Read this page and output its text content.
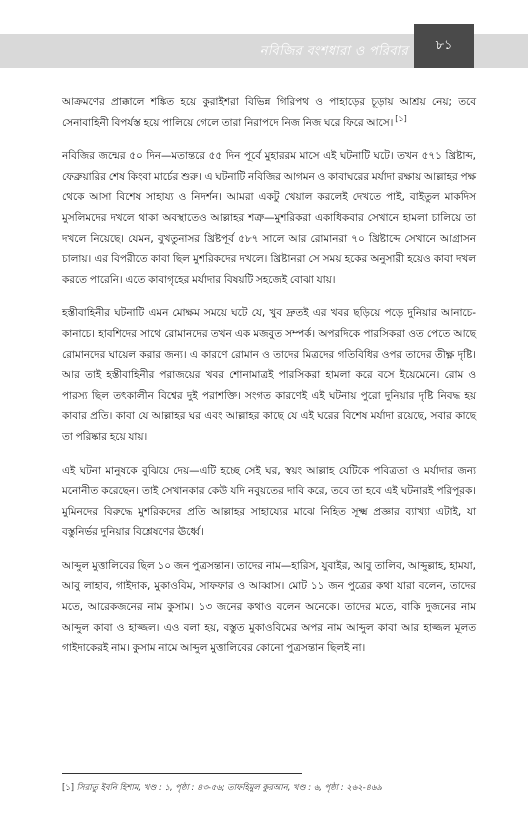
নবিজির বংশধারা ও পরিবার	৮১

আক্রমণের প্রাক্কালে শঙ্কিত হয়ে কুরাইশরা বিভিন্ন গিরিপথ ও পাহাড়ের চূড়ায় আশ্রয় নেয়; তবে সেনাবাহিনী বিপর্যস্ত হয়ে পালিয়ে গেলে তারা নিরাপদে নিজ নিজ ঘরে ফিরে আসে। [১]

নবিজির জন্মের ৫০ দিন—মতান্তরে ৫৫ দিন পূর্বে মুহাররম মাসে এই ঘটনাটি ঘটে। তখন ৫৭১ খ্রিষ্টাব্দ, ফেব্রুয়ারির শেষ কিংবা মার্চের শুরু। এ ঘটনাটি নবিজির আগমন ও কাবাঘরের মর্যাদা রক্ষায় আল্লাহর পক্ষ থেকে আসা বিশেষ সাহায্য ও নিদর্শন। আমরা একটু খেয়াল করলেই দেখতে পাই, বাইতুল মাকদিস মুসলিমদের দখলে থাকা অবস্থাতেও আল্লাহর শত্রু—মুশরিকরা একাধিকবার সেখানে হামলা চালিয়ে তা দখলে নিয়েছে। যেমন, বুখতুনাসর খ্রিষ্টপূর্ব ৫৮৭ সালে আর রোমানরা ৭০ খ্রিষ্টাব্দে সেখানে আগ্রাসন চালায়। এর বিপরীতে কাবা ছিল মুশরিকদের দখলে। খ্রিষ্টানরা সে সময় হকের অনুসারী হয়েও কাবা দখল করতে পারেনি। এতে কাবাগৃহের মর্যাদার বিষয়টি সহজেই বোঝা যায়।

হস্তীবাহিনীর ঘটনাটি এমন মোক্ষম সময়ে ঘটে যে, খুব দ্রুতই এর খবর ছড়িয়ে পড়ে দুনিয়ার আনাচে-কানাচে। হাবশিদের সাথে রোমানদের তখন এক মজবুত সম্পর্ক। অপরদিকে পারসিকরা ওত পেতে আছে রোমানদের ঘায়েল করার জন্য। এ কারণে রোমান ও তাদের মিত্রদের গতিবিধির ওপর তাদের তীক্ষ্ণ দৃষ্টি। আর তাই হস্তীবাহিনীর পরাজয়ের খবর শোনামাত্রই পারসিকরা হামলা করে বসে ইয়েমেনে। রোম ও পারস্য ছিল তৎকালীন বিশ্বের দুই পরাশক্তি। সংগত কারণেই এই ঘটনায় পুরো দুনিয়ার দৃষ্টি নিবদ্ধ হয় কাবার প্রতি। কাবা যে আল্লাহর ঘর এবং আল্লাহর কাছে যে এই ঘরের বিশেষ মর্যাদা রয়েছে, সবার কাছে তা পরিষ্কার হয়ে যায়।

এই ঘটনা মানুষকে বুঝিয়ে দেয়—এটি হচ্ছে সেই ঘর, স্বয়ং আল্লাহ যেটিকে পবিত্রতা ও মর্যাদার জন্য মনোনীত করেছেন। তাই সেখানকার কেউ যদি নবুয়তের দাবি করে, তবে তা হবে এই ঘটনারই পরিপূরক। মুমিনদের বিরুদ্ধে মুশরিকদের প্রতি আল্লাহর সাহায্যের মাঝে নিহিত সূক্ষ্ম প্রজ্ঞার ব্যাখ্যা এটাই, যা বস্তুনির্ভর দুনিয়ার বিশ্লেষণের ঊর্ধ্বে।

আব্দুল মুত্তালিবের ছিল ১০ জন পুত্রসন্তান। তাদের নাম—হারিস, যুবাইর, আবু তালিব, আব্দুল্লাহ, হামযা, আবু লাহাব, গাইদাক, মুকাওবিম, সাফফার ও আব্বাস। মোট ১১ জন পুত্রের কথা যারা বলেন, তাদের মতে, আরেকজনের নাম কুসাম। ১৩ জনের কথাও বলেন অনেকে। তাদের মতে, বাকি দুজনের নাম আব্দুল কাবা ও হাজ্জল। এও বলা হয়, বস্তুত মুকাওবিমের অপর নাম আব্দুল কাবা আর হাজ্জল মূলত গাইদাকেরই নাম। কুসাম নামে আব্দুল মুত্তালিবের কোনো পুত্রসন্তান ছিলই না।

[১] সিরাতু ইবনি হিশাম, খণ্ড : ১, পৃষ্ঠা : ৪৩-৫৬; তাফহিমুল কুরআন, খণ্ড : ৬, পৃষ্ঠা : ২৬২-৪৬৯
